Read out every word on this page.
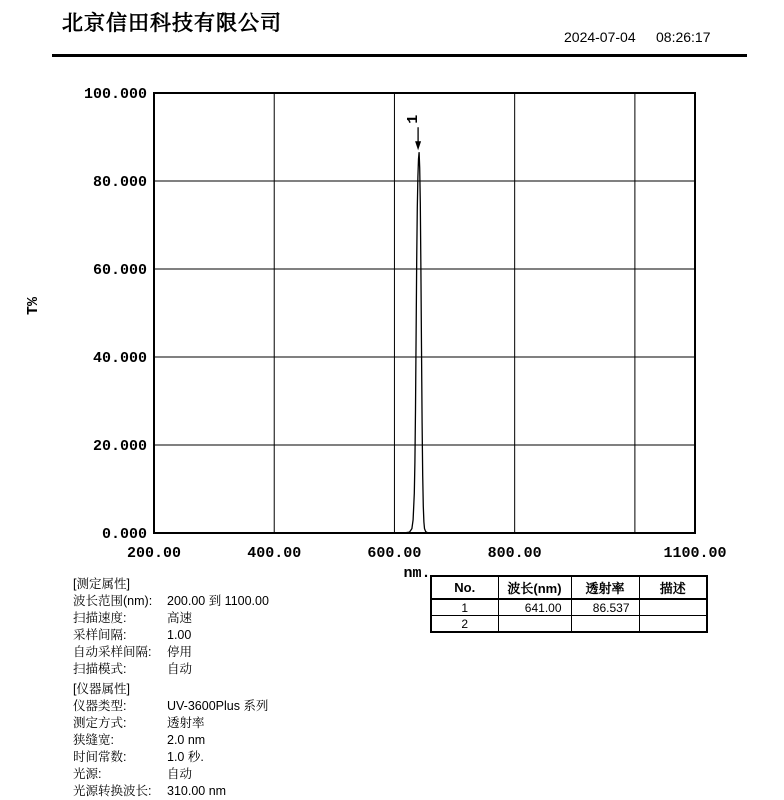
100.000
80.000
60.000
40.000
20.000
0.000
200.00	400.00	600.00	800.00	1100.00
nm.
T%
1
北京信田科技有限公司
2024-07-04 08:26:17
[测定属性]
波长范围(nm):	200.00 到 1100.00
扫描速度:	高速
采样间隔:	1.00
自动采样间隔:	停用
扫描模式:	自动
[仪器属性]
仪器类型:	UV-3600Plus 系列
测定方式:	透射率
狭缝宽:	2.0 nm
时间常数:	1.0 秒.
光源:	自动
光源转换波长:	310.00 nm
No.	波长(nm)	透射率	描述
1	641.00	86.537	
2			
